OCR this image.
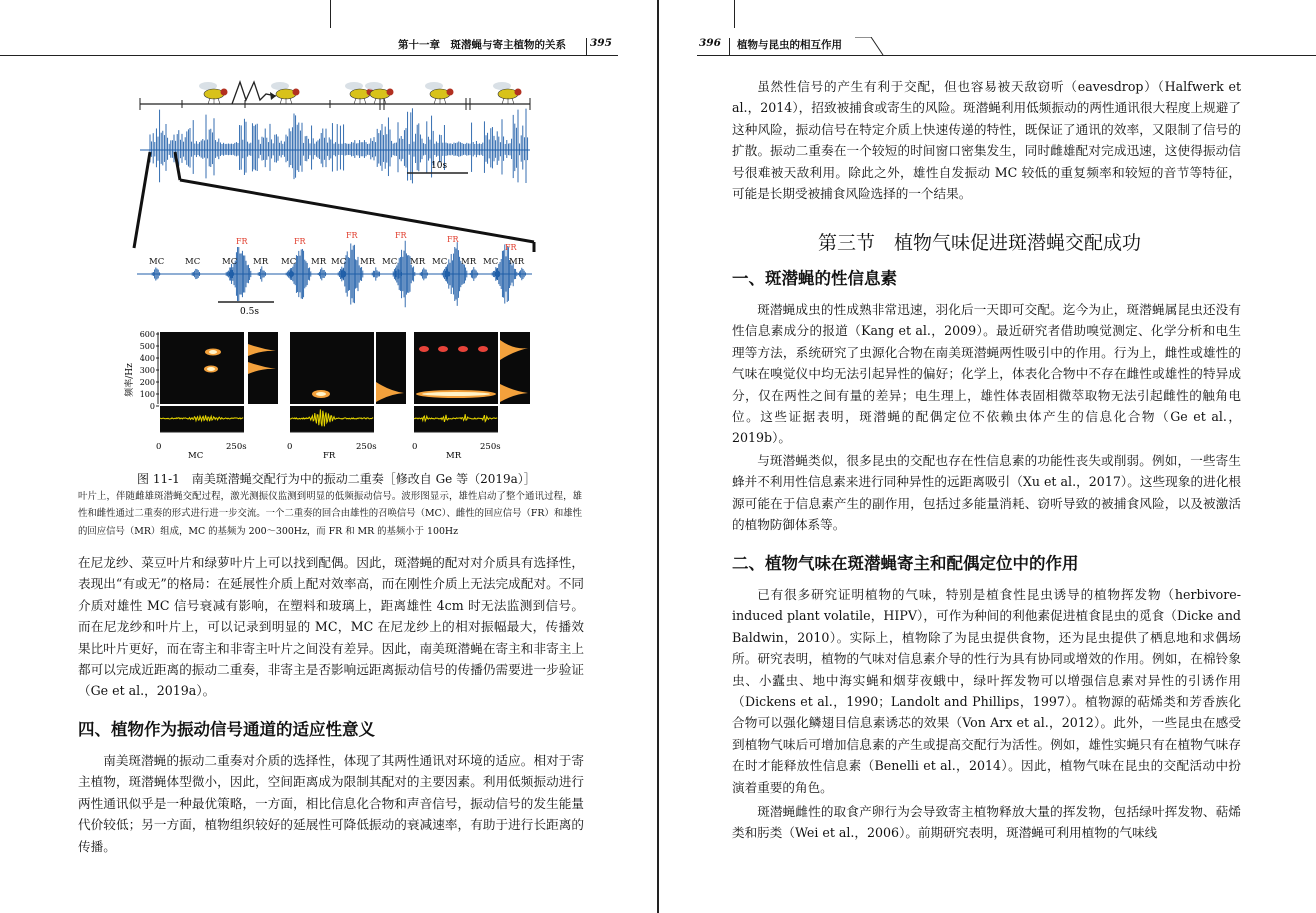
第十一章　斑潜蝇与寄主植物的关系 395
10s
MC MC	MC
FR
MR MC
FR
MR MC
FR
MR MC
FR
MR MC
FR
MR MC
FR
MR
0.5s
频率/Hz
600
500
400
300
200
100
0
0	250s
MC
0	250s
FR
0	250s
MR
图 11-1　南美斑潜蝇交配行为中的振动二重奏［修改自 Ge 等（2019a）］
叶片上，伴随雌雄斑潜蝇交配过程，激光测振仪监测到明显的低频振动信号。波形图显示，雄性启动了整个通讯过程，雄性和雌性通过二重奏的形式进行进一步交流。一个二重奏的回合由雄性的召唤信号（MC）、雌性的回应信号（FR）和雄性的回应信号（MR）组成，MC 的基频为 200～300Hz，而 FR 和 MR 的基频小于 100Hz
在尼龙纱、菜豆叶片和绿萝叶片上可以找到配偶。因此，斑潜蝇的配对对介质具有选择性，表现出“有或无”的格局：在延展性介质上配对效率高，而在刚性介质上无法完成配对。不同介质对雄性 MC 信号衰减有影响，在塑料和玻璃上，距离雄性 4cm 时无法监测到信号。而在尼龙纱和叶片上，可以记录到明显的 MC，MC 在尼龙纱上的相对振幅最大，传播效果比叶片更好，而在寄主和非寄主叶片之间没有差异。因此，南美斑潜蝇在寄主和非寄主上都可以完成近距离的振动二重奏，非寄主是否影响远距离振动信号的传播仍需要进一步验证（Ge et al.，2019a）。
四、植物作为振动信号通道的适应性意义
南美斑潜蝇的振动二重奏对介质的选择性，体现了其两性通讯对环境的适应。相对于寄主植物，斑潜蝇体型微小，因此，空间距离成为限制其配对的主要因素。利用低频振动进行两性通讯似乎是一种最优策略，一方面，相比信息化合物和声音信号，振动信号的发生能量代价较低；另一方面，植物组织较好的延展性可降低振动的衰减速率，有助于进行长距离的传播。
396 植物与昆虫的相互作用
虽然性信号的产生有利于交配，但也容易被天敌窃听（eavesdrop）（Halfwerk et al.，2014），招致被捕食或寄生的风险。斑潜蝇利用低频振动的两性通讯很大程度上规避了这种风险，振动信号在特定介质上快速传递的特性，既保证了通讯的效率，又限制了信号的扩散。振动二重奏在一个较短的时间窗口密集发生，同时雌雄配对完成迅速，这使得振动信号很难被天敌利用。除此之外，雄性自发振动 MC 较低的重复频率和较短的音节等特征，可能是长期受被捕食风险选择的一个结果。
第三节　植物气味促进斑潜蝇交配成功
一、斑潜蝇的性信息素
斑潜蝇成虫的性成熟非常迅速，羽化后一天即可交配。迄今为止，斑潜蝇属昆虫还没有性信息素成分的报道（Kang et al.，2009）。最近研究者借助嗅觉测定、化学分析和电生理等方法，系统研究了虫源化合物在南美斑潜蝇两性吸引中的作用。行为上，雌性或雄性的气味在嗅觉仪中均无法引起异性的偏好；化学上，体表化合物中不存在雌性或雄性的特异成分，仅在两性之间有量的差异；电生理上，雄性体表固相微萃取物无法引起雌性的触角电位。这些证据表明，斑潜蝇的配偶定位不依赖虫体产生的信息化合物（Ge et al.，2019b）。
与斑潜蝇类似，很多昆虫的交配也存在性信息素的功能性丧失或削弱。例如，一些寄生蜂并不利用性信息素来进行同种异性的远距离吸引（Xu et al.，2017）。这些现象的进化根源可能在于信息素产生的副作用，包括过多能量消耗、窃听导致的被捕食风险，以及被激活的植物防御体系等。
二、植物气味在斑潜蝇寄主和配偶定位中的作用
已有很多研究证明植物的气味，特别是植食性昆虫诱导的植物挥发物（herbivore-induced plant volatile，HIPV），可作为种间的利他素促进植食昆虫的觅食（Dicke and Baldwin，2010）。实际上，植物除了为昆虫提供食物，还为昆虫提供了栖息地和求偶场所。研究表明，植物的气味对信息素介导的性行为具有协同或增效的作用。例如，在棉铃象虫、小蠹虫、地中海实蝇和烟芽夜蛾中，绿叶挥发物可以增强信息素对异性的引诱作用（Dickens et al.，1990；Landolt and Phillips，1997）。植物源的萜烯类和芳香族化合物可以强化鳞翅目信息素诱芯的效果（Von Arx et al.，2012）。此外，一些昆虫在感受到植物气味后可增加信息素的产生或提高交配行为活性。例如，雄性实蝇只有在植物气味存在时才能释放性信息素（Benelli et al.，2014）。因此，植物气味在昆虫的交配活动中扮演着重要的角色。
斑潜蝇雌性的取食产卵行为会导致寄主植物释放大量的挥发物，包括绿叶挥发物、萜烯类和肟类（Wei et al.，2006）。前期研究表明，斑潜蝇可利用植物的气味线
